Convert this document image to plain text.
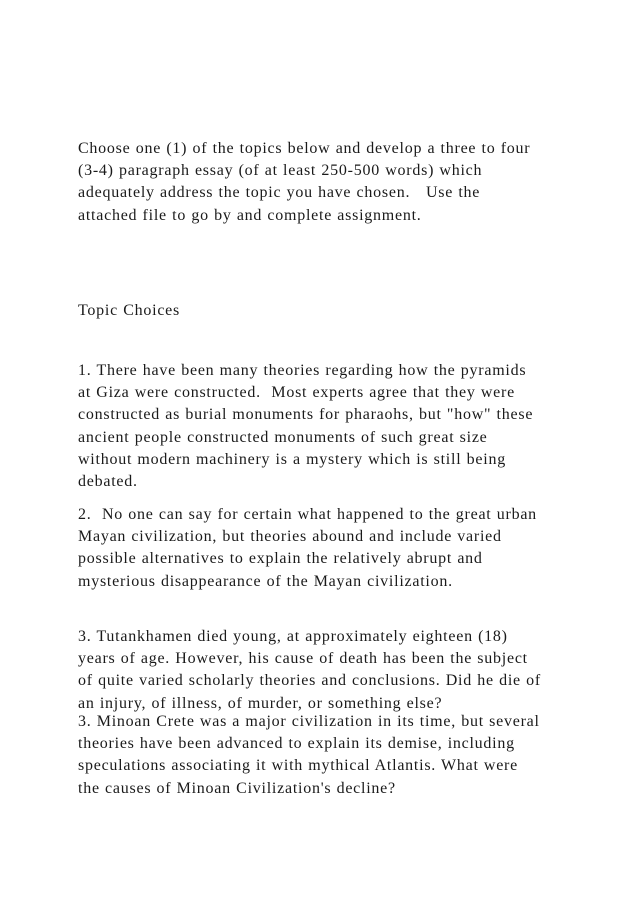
Choose one (1) of the topics below and develop a three to four
(3-4) paragraph essay (of at least 250-500 words) which
adequately address the topic you have chosen.   Use the
attached file to go by and complete assignment.
Topic Choices
1. There have been many theories regarding how the pyramids
at Giza were constructed.  Most experts agree that they were
constructed as burial monuments for pharaohs, but "how" these
ancient people constructed monuments of such great size
without modern machinery is a mystery which is still being
debated.
2.  No one can say for certain what happened to the great urban
Mayan civilization, but theories abound and include varied
possible alternatives to explain the relatively abrupt and
mysterious disappearance of the Mayan civilization.
3. Tutankhamen died young, at approximately eighteen (18)
years of age. However, his cause of death has been the subject
of quite varied scholarly theories and conclusions. Did he die of
an injury, of illness, of murder, or something else?
3. Minoan Crete was a major civilization in its time, but several
theories have been advanced to explain its demise, including
speculations associating it with mythical Atlantis. What were
the causes of Minoan Civilization's decline?
